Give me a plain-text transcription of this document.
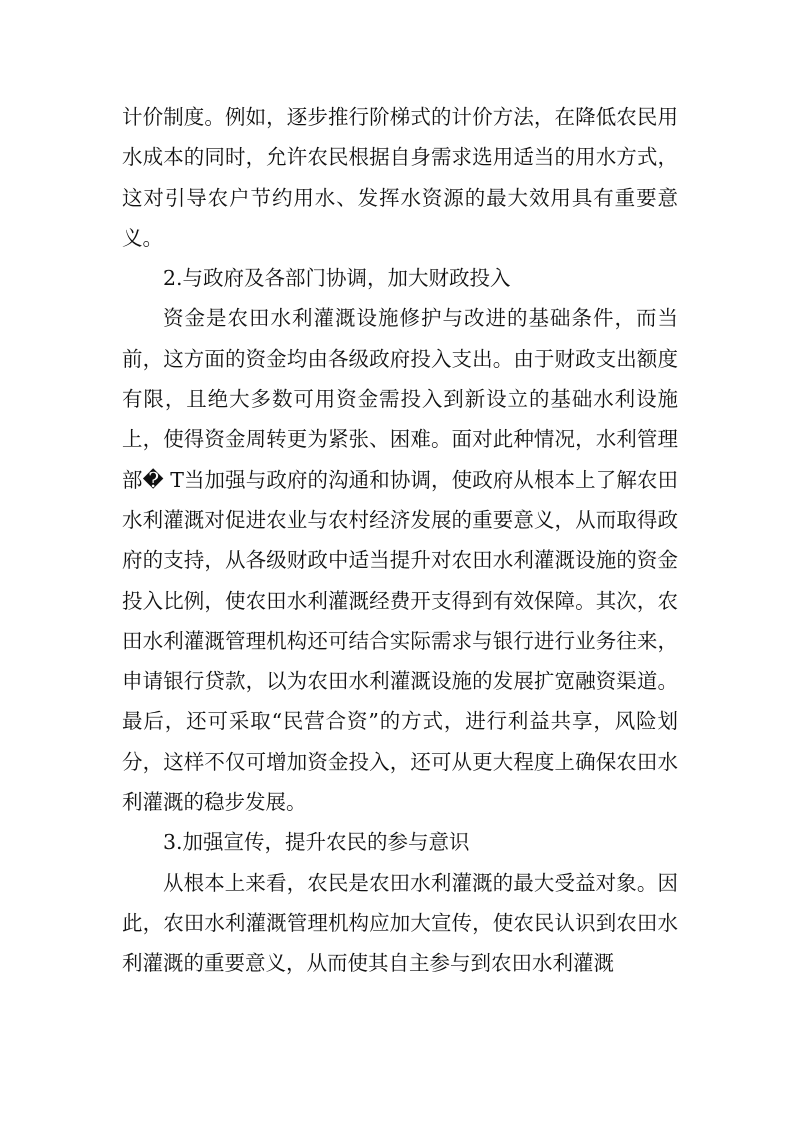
计价制度。例如，逐步推行阶梯式的计价方法，在降低农民用水成本的同时，允许农民根据自身需求选用适当的用水方式，这对引导农户节约用水、发挥水资源的最大效用具有重要意义。

2.与政府及各部门协调，加大财政投入

资金是农田水利灌溉设施修护与改进的基础条件，而当前，这方面的资金均由各级政府投入支出。由于财政支出额度有限，且绝大多数可用资金需投入到新设立的基础水利设施上，使得资金周转更为紧张、困难。面对此种情况，水利管理部� T当加强与政府的沟通和协调，使政府从根本上了解农田水利灌溉对促进农业与农村经济发展的重要意义，从而取得政府的支持，从各级财政中适当提升对农田水利灌溉设施的资金投入比例，使农田水利灌溉经费开支得到有效保障。其次，农田水利灌溉管理机构还可结合实际需求与银行进行业务往来，申请银行贷款，以为农田水利灌溉设施的发展扩宽融资渠道。最后，还可采取“民营合资”的方式，进行利益共享，风险划分，这样不仅可增加资金投入，还可从更大程度上确保农田水利灌溉的稳步发展。

3.加强宣传，提升农民的参与意识

从根本上来看，农民是农田水利灌溉的最大受益对象。因此，农田水利灌溉管理机构应加大宣传，使农民认识到农田水利灌溉的重要意义，从而使其自主参与到农田水利灌溉
